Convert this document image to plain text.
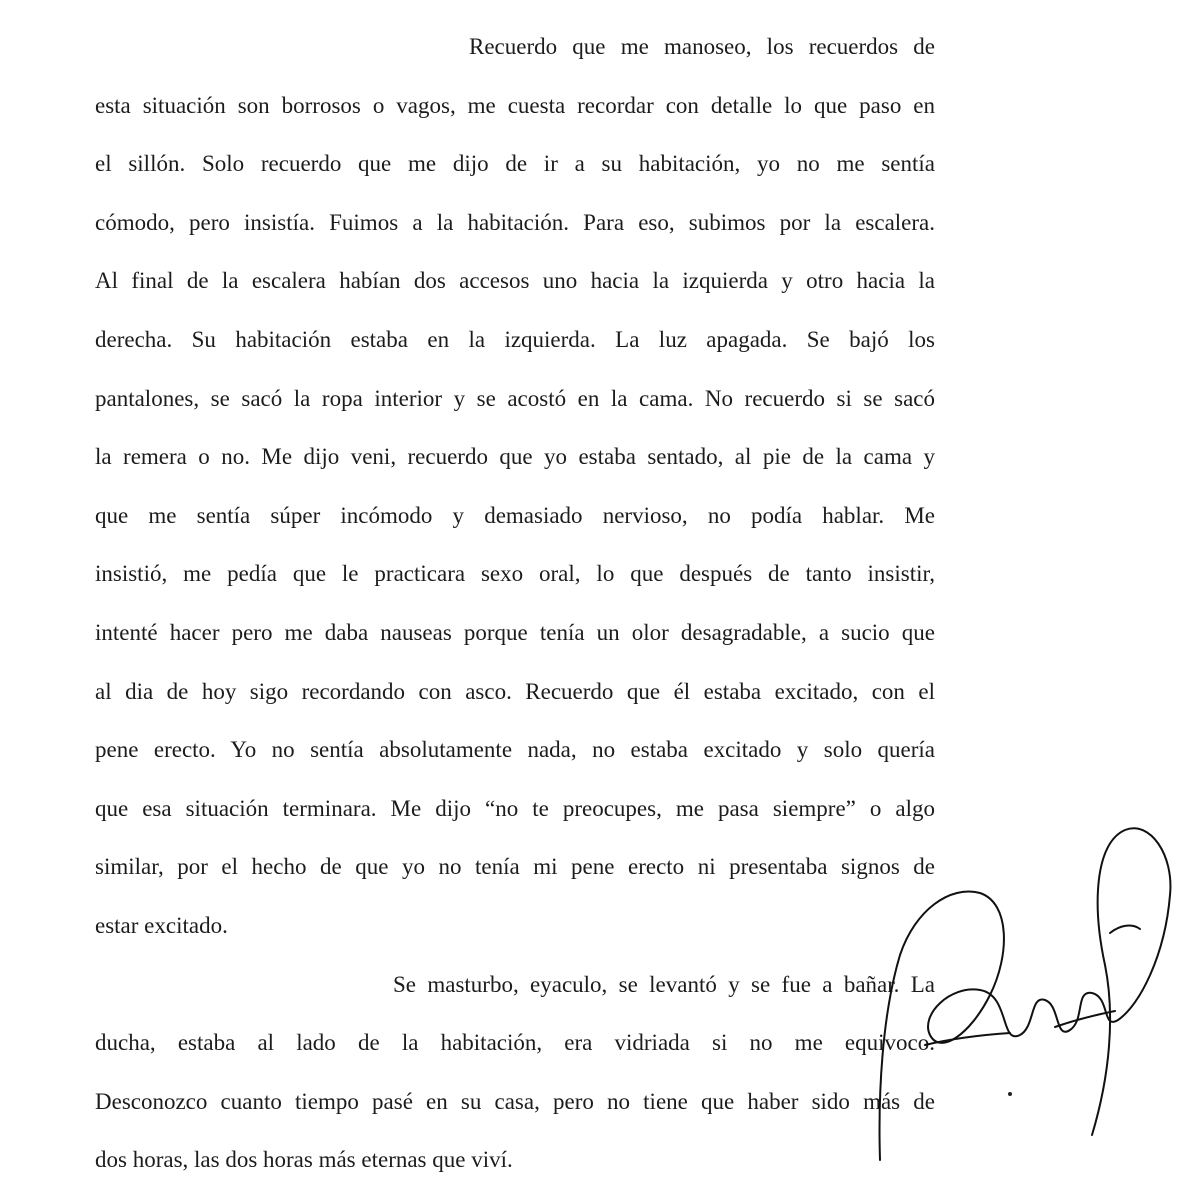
Recuerdo que me manoseo, los recuerdos de
esta situación son borrosos o vagos, me cuesta recordar con detalle lo que paso en
el sillón. Solo recuerdo que me dijo de ir a su habitación, yo no me sentía
cómodo, pero insistía. Fuimos a la habitación. Para eso, subimos por la escalera.
Al final de la escalera habían dos accesos uno hacia la izquierda y otro hacia la
derecha. Su habitación estaba en la izquierda. La luz apagada. Se bajó los
pantalones, se sacó la ropa interior y se acostó en la cama. No recuerdo si se sacó
la remera o no. Me dijo veni, recuerdo que yo estaba sentado, al pie de la cama y
que me sentía súper incómodo y demasiado nervioso, no podía hablar. Me
insistió, me pedía que le practicara sexo oral, lo que después de tanto insistir,
intenté hacer pero me daba nauseas porque tenía un olor desagradable, a sucio que
al dia de hoy sigo recordando con asco. Recuerdo que él estaba excitado, con el
pene erecto. Yo no sentía absolutamente nada, no estaba excitado y solo quería
que esa situación terminara. Me dijo “no te preocupes, me pasa siempre” o algo
similar, por el hecho de que yo no tenía mi pene erecto ni presentaba signos de
estar excitado.
Se masturbo, eyaculo, se levantó y se fue a bañar. La
ducha, estaba al lado de la habitación, era vidriada si no me equivoco.
Desconozco cuanto tiempo pasé en su casa, pero no tiene que haber sido más de
dos horas, las dos horas más eternas que viví.
